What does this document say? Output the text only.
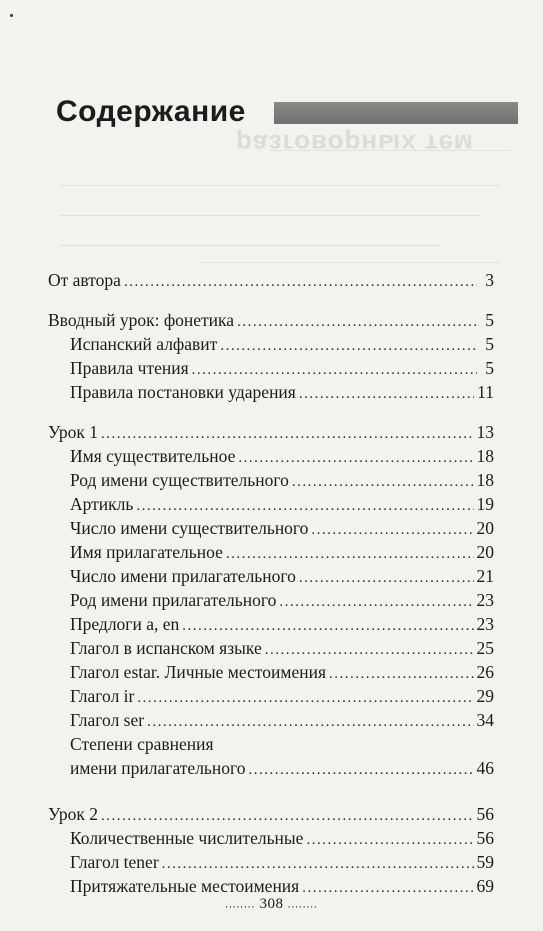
разговорных тем
Содержание
От автора .....	3
Вводный урок: фонетика .....	5
Испанский алфавит .....	5
Правила чтения .....	5
Правила постановки ударения .....	11
Урок 1 .....	13
Имя существительное .....	18
Род имени существительного .....	18
Артикль .....	19
Число имени существительного .....	20
Имя прилагательное .....	20
Число имени прилагательного .....	21
Род имени прилагательного .....	23
Предлоги a, en .....	23
Глагол в испанском языке .....	25
Глагол estar. Личные местоимения .....	26
Глагол ir .....	29
Глагол ser .....	34
Степени сравнения
имени прилагательного .....	46
Урок 2 .....	56
Количественные числительные .....	56
Глагол tener .....	59
Притяжательные местоимения .....	69
........ 308 ........
